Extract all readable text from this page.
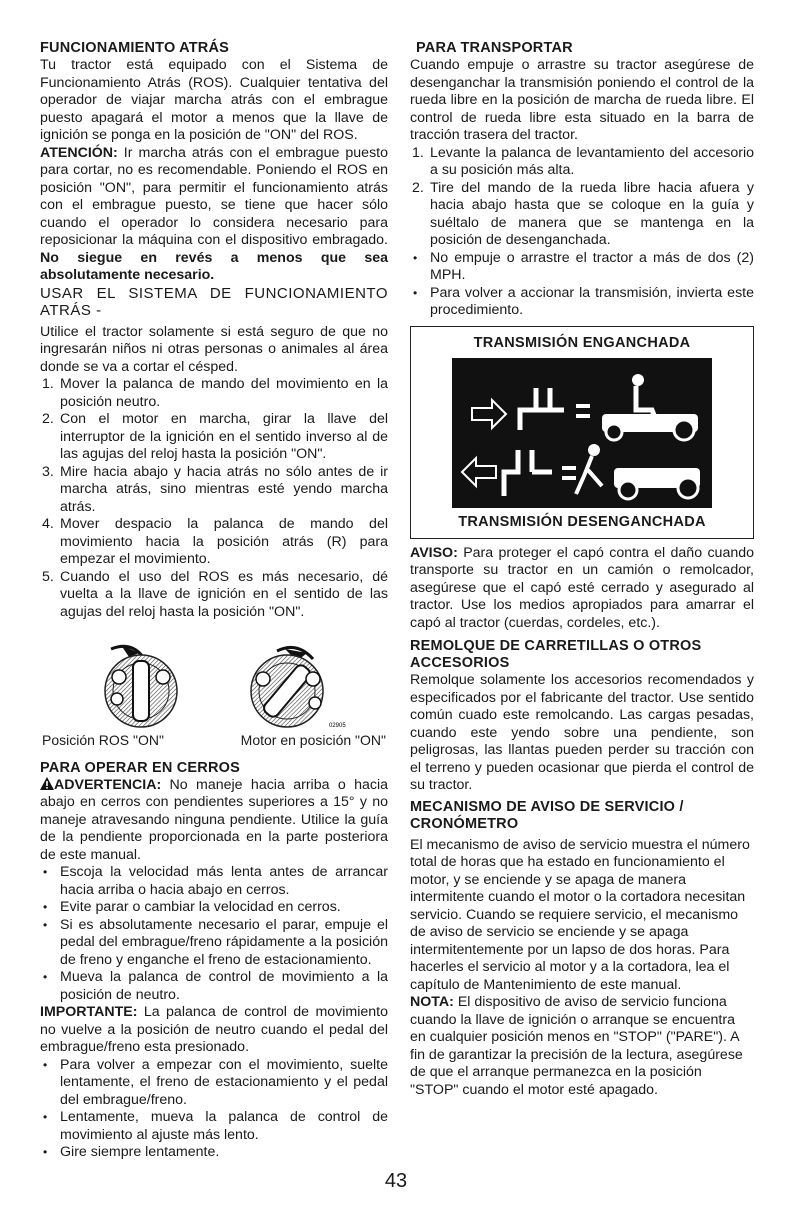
FUNCIONAMIENTO ATRÁS

Tu tractor está equipado con el Sistema de Funcionamiento Atrás (ROS). Cualquier tentativa del operador de viajar marcha atrás con el embrague puesto apagará el motor a menos que la llave de ignición se ponga en la posición de "ON" del ROS.

ATENCIÓN: Ir marcha atrás con el embrague puesto para cortar, no es recomendable. Poniendo el ROS en posición "ON", para permitir el funcionamiento atrás con el embrague puesto, se tiene que hacer sólo cuando el operador lo considera necesario para reposicionar la máquina con el dispositivo embragado. No siegue en revés a menos que sea absolutamente necesario.

USAR EL SISTEMA DE FUNCIONAMIENTO ATRÁS -

Utilice el tractor solamente si está seguro de que no ingresarán niños ni otras personas o animales al área donde se va a cortar el césped.

1. Mover la palanca de mando del movimiento en la posición neutro.
2. Con el motor en marcha, girar la llave del interruptor de la ignición en el sentido inverso al de las agujas del reloj hasta la posición "ON".
3. Mire hacia abajo y hacia atrás no sólo antes de ir marcha atrás, sino mientras esté yendo marcha atrás.
4. Mover despacio la palanca de mando del movimiento hacia la posición atrás (R) para empezar el movimiento.
5. Cuando el uso del ROS es más necesario, dé vuelta a la llave de ignición en el sentido de las agujas del reloj hasta la posición "ON".
02905
Posición ROS "ON"	Motor en posición "ON"
PARA OPERAR EN CERROS

ADVERTENCIA: No maneje hacia arriba o hacia abajo en cerros con pendientes superiores a 15° y no maneje atravesando ninguna pendiente. Utilice la guía de la pendiente proporcionada en la parte posteriora de este manual.

• Escoja la velocidad más lenta antes de arrancar hacia arriba o hacia abajo en cerros.
• Evite parar o cambiar la velocidad en cerros.
• Si es absolutamente necesario el parar, empuje el pedal del embrague/freno rápidamente a la posición de freno y enganche el freno de estacionamiento.
• Mueva la palanca de control de movimiento a la posición de neutro.

IMPORTANTE: La palanca de control de movimiento no vuelve a la posición de neutro cuando el pedal del embrague/freno esta presionado.

• Para volver a empezar con el movimiento, suelte lentamente, el freno de estacionamiento y el pedal del embrague/freno.
• Lentamente, mueva la palanca de control de movimiento al ajuste más lento.
• Gire siempre lentamente.
PARA TRANSPORTAR

Cuando empuje o arrastre su tractor asegúrese de desenganchar la transmisión poniendo el control de la rueda libre en la posición de marcha de rueda libre. El control de rueda libre esta situado en la barra de tracción trasera del tractor.

1. Levante la palanca de levantamiento del accesorio a su posición más alta.
2. Tire del mando de la rueda libre hacia afuera y hacia abajo hasta que se coloque en la guía y suéltalo de manera que se mantenga en la posición de desenganchada.
• No empuje o arrastre el tractor a más de dos (2) MPH.
• Para volver a accionar la transmisión, invierta este procedimiento.
TRANSMISIÓN ENGANCHADA
TRANSMISIÓN DESENGANCHADA

AVISO: Para proteger el capó contra el daño cuando transporte su tractor en un camión o remolcador, asegúrese que el capó esté cerrado y asegurado al tractor. Use los medios apropiados para amarrar el capó al tractor (cuerdas, cordeles, etc.).

REMOLQUE DE CARRETILLAS O OTROS ACCESORIOS

Remolque solamente los accesorios recomendados y especificados por el fabricante del tractor. Use sentido común cuado este remolcando. Las cargas pesadas, cuando este yendo sobre una pendiente, son peligrosas, las llantas pueden perder su tracción con el terreno y pueden ocasionar que pierda el control de su tractor.

MECANISMO DE AVISO DE SERVICIO / CRONÓMETRO

El mecanismo de aviso de servicio muestra el número total de horas que ha estado en funcionamiento el motor, y se enciende y se apaga de manera intermitente cuando el motor o la cortadora necesitan servicio. Cuando se requiere servicio, el mecanismo de aviso de servicio se enciende y se apaga intermitentemente por un lapso de dos horas. Para hacerles el servicio al motor y a la cortadora, lea el capítulo de Mantenimiento de este manual.

NOTA: El dispositivo de aviso de servicio funciona cuando la llave de ignición o arranque se encuentra en cualquier posición menos en "STOP" ("PARE"). A fin de garantizar la precisión de la lectura, asegúrese de que el arranque permanezca en la posición "STOP" cuando el motor esté apagado.

43
